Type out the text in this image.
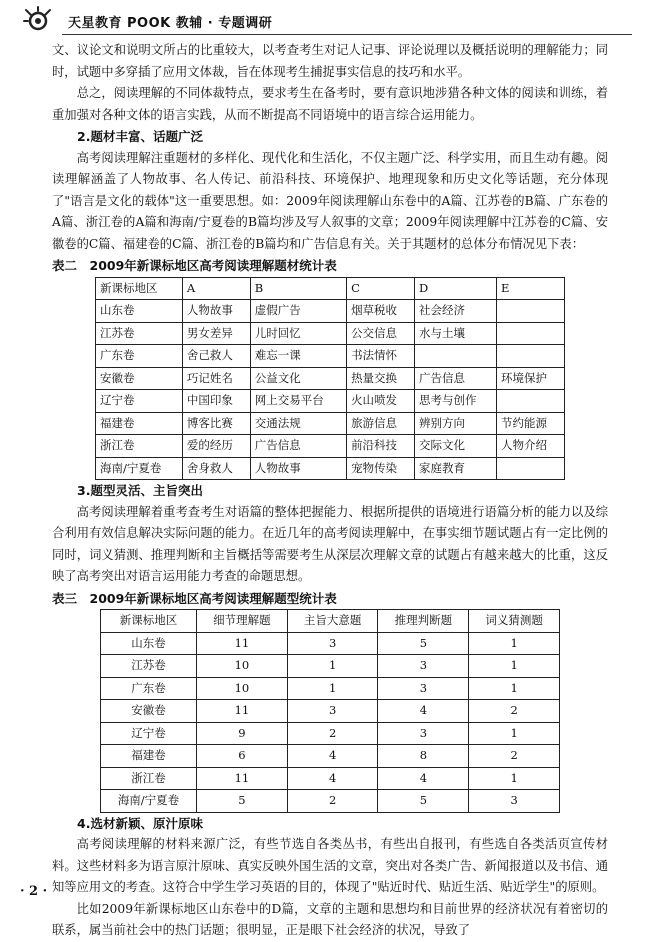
天星教育 POOK 教辅 · 专题调研

文、议论文和说明文所占的比重较大，以考查考生对记人记事、评论说理以及概括说明的理解能力；同时，试题中多穿插了应用文体裁，旨在体现考生捕捉事实信息的技巧和水平。

总之，阅读理解的不同体裁特点，要求考生在备考时，要有意识地涉猎各种文体的阅读和训练，着重加强对各种文体的语言实践，从而不断提高不同语境中的语言综合运用能力。

2.题材丰富、话题广泛

高考阅读理解注重题材的多样化、现代化和生活化，不仅主题广泛、科学实用，而且生动有趣。阅读理解涵盖了人物故事、名人传记、前沿科技、环境保护、地理现象和历史文化等话题，充分体现了"语言是文化的载体"这一重要思想。如：2009年阅读理解山东卷中的A篇、江苏卷的B篇、广东卷的A篇、浙江卷的A篇和海南/宁夏卷的B篇均涉及写人叙事的文章；2009年阅读理解中江苏卷的C篇、安徽卷的C篇、福建卷的C篇、浙江卷的B篇均和广告信息有关。关于其题材的总体分布情况见下表：

表二　2009年新课标地区高考阅读理解题材统计表

新课标地区	A	B	C	D	E
山东卷	人物故事	虚假广告	烟草税收	社会经济	
江苏卷	男女差异	儿时回忆	公交信息	水与土壤	
广东卷	舍己救人	难忘一课	书法情怀		
安徽卷	巧记姓名	公益文化	热量交换	广告信息	环境保护
辽宁卷	中国印象	网上交易平台	火山喷发	思考与创作	
福建卷	博客比赛	交通法规	旅游信息	辨别方向	节约能源
浙江卷	爱的经历	广告信息	前沿科技	交际文化	人物介绍
海南/宁夏卷	舍身救人	人物故事	宠物传染	家庭教育	

3.题型灵活、主旨突出

高考阅读理解着重考查考生对语篇的整体把握能力、根据所提供的语境进行语篇分析的能力以及综合利用有效信息解决实际问题的能力。在近几年的高考阅读理解中，在事实细节题试题占有一定比例的同时，词义猜测、推理判断和主旨概括等需要考生从深层次理解文章的试题占有越来越大的比重，这反映了高考突出对语言运用能力考查的命题思想。

表三　2009年新课标地区高考阅读理解题型统计表

新课标地区	细节理解题	主旨大意题	推理判断题	词义猜测题
山东卷	11	3	5	1
江苏卷	10	1	3	1
广东卷	10	1	3	1
安徽卷	11	3	4	2
辽宁卷	9	2	3	1
福建卷	6	4	8	2
浙江卷	11	4	4	1
海南/宁夏卷	5	2	5	3

4.选材新颖、原汁原味

高考阅读理解的材料来源广泛，有些节选自各类丛书，有些出自报刊，有些选自各类活页宣传材料。这些材料多为语言原汁原味、真实反映外国生活的文章，突出对各类广告、新闻报道以及书信、通知等应用文的考查。这符合中学生学习英语的目的，体现了"贴近时代、贴近生活、贴近学生"的原则。

比如2009年新课标地区山东卷中的D篇，文章的主题和思想均和目前世界的经济状况有着密切的联系，属当前社会中的热门话题；很明显，正是眼下社会经济的状况，导致了

· 2 ·
